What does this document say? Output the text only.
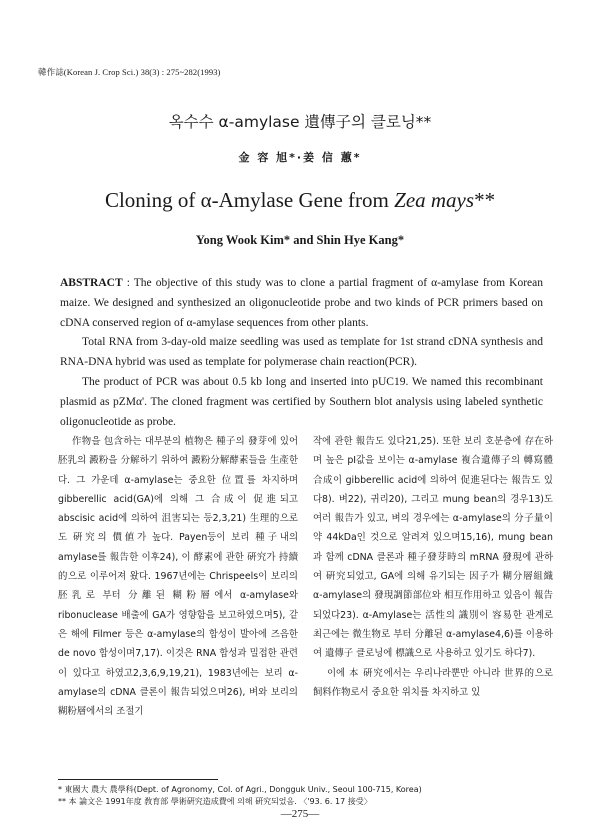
韓作誌(Korean J. Crop Sci.) 38(3) : 275~282(1993)
옥수수 α-amylase 遺傳子의 클로닝**
金 容 旭*·姜 信 蕙*
Cloning of α-Amylase Gene from Zea mays**
Yong Wook Kim* and Shin Hye Kang*

ABSTRACT : The objective of this study was to clone a partial fragment of α-amylase from Korean maize. We designed and synthesized an oligonucleotide probe and two kinds of PCR primers based on cDNA conserved region of α-amylase sequences from other plants.

Total RNA from 3-day-old maize seedling was used as template for 1st strand cDNA synthesis and RNA-DNA hybrid was used as template for polymerase chain reaction(PCR).

The product of PCR was about 0.5 kb long and inserted into pUC19. We named this recombinant plasmid as pZMα'. The cloned fragment was certified by Southern blot analysis using labeled synthetic oligonucleotide as probe.

作物을 包含하는 대부분의 植物은 種子의 發芽에 있어 胚乳의 澱粉을 分解하기 위하여 澱粉分解酵素들을 生產한다. 그 가운데 α-amylase는 중요한 位置를 차지하며 gibberellic acid(GA)에 의해 그 合成이 促進되고 abscisic acid에 의하여 沮害되는 등2,3,21) 生理的으로도 硏究의 價値가 높다. Payen등이 보리 種子내의 amylase를 報告한 이후24), 이 酵素에 관한 硏究가 持續的으로 이루어져 왔다. 1967년에는 Chrispeels이 보리의 胚乳로 부터 分離된 糊粉層에서 α-amylase와 ribonuclease 배출에 GA가 영향함을 보고하였으며5), 같은 해에 Filmer 등은 α-amylase의 합성이 발아에 즈음한 de novo 합성이며7,17). 이것은 RNA 합성과 밀접한 관련이 있다고 하였고2,3,6,9,19,21), 1983년에는 보리 α-amylase의 cDNA 클론이 報告되었으며26), 벼와 보리의 糊粉層에서의 조절기

작에 관한 報告도 있다21,25). 또한 보리 호분층에 存在하며 높은 pI값을 보이는 α-amylase 複合遺傳子의 轉寫體 合成이 gibberellic acid에 의하여 促進된다는 報告도 있다8). 벼22), 귀리20), 그리고 mung bean의 경우13)도 여러 報告가 있고, 벼의 경우에는 α-amylase의 分子量이 약 44kDa인 것으로 알려져 있으며15,16), mung bean과 함께 cDNA 클론과 種子發芽時의 mRNA 發現에 관하여 硏究되었고, GA에 의해 유기되는 因子가 糊分層組織 α-amylase의 發現調節部位와 相互作用하고 있음이 報告되었다23). α-Amylase는 活性의 識別이 容易한 관계로 최근에는 微生物로 부터 分離된 α-amylase4,6)를 이용하여 遺傳子 클로닝에 標識으로 사용하고 있기도 하다7).

이에 本 硏究에서는 우리나라뿐만 아니라 世界的으로 飼料作物로서 중요한 위치를 차지하고 있

* 東國大 農大 農學科(Dept. of Agronomy, Col. of Agri., Dongguk Univ., Seoul 100-715, Korea)
** 本 論文은 1991年度 敎育部 學術硏究造成費에 의해 硏究되었음. 〈'93. 6. 17 接受〉
—275—
